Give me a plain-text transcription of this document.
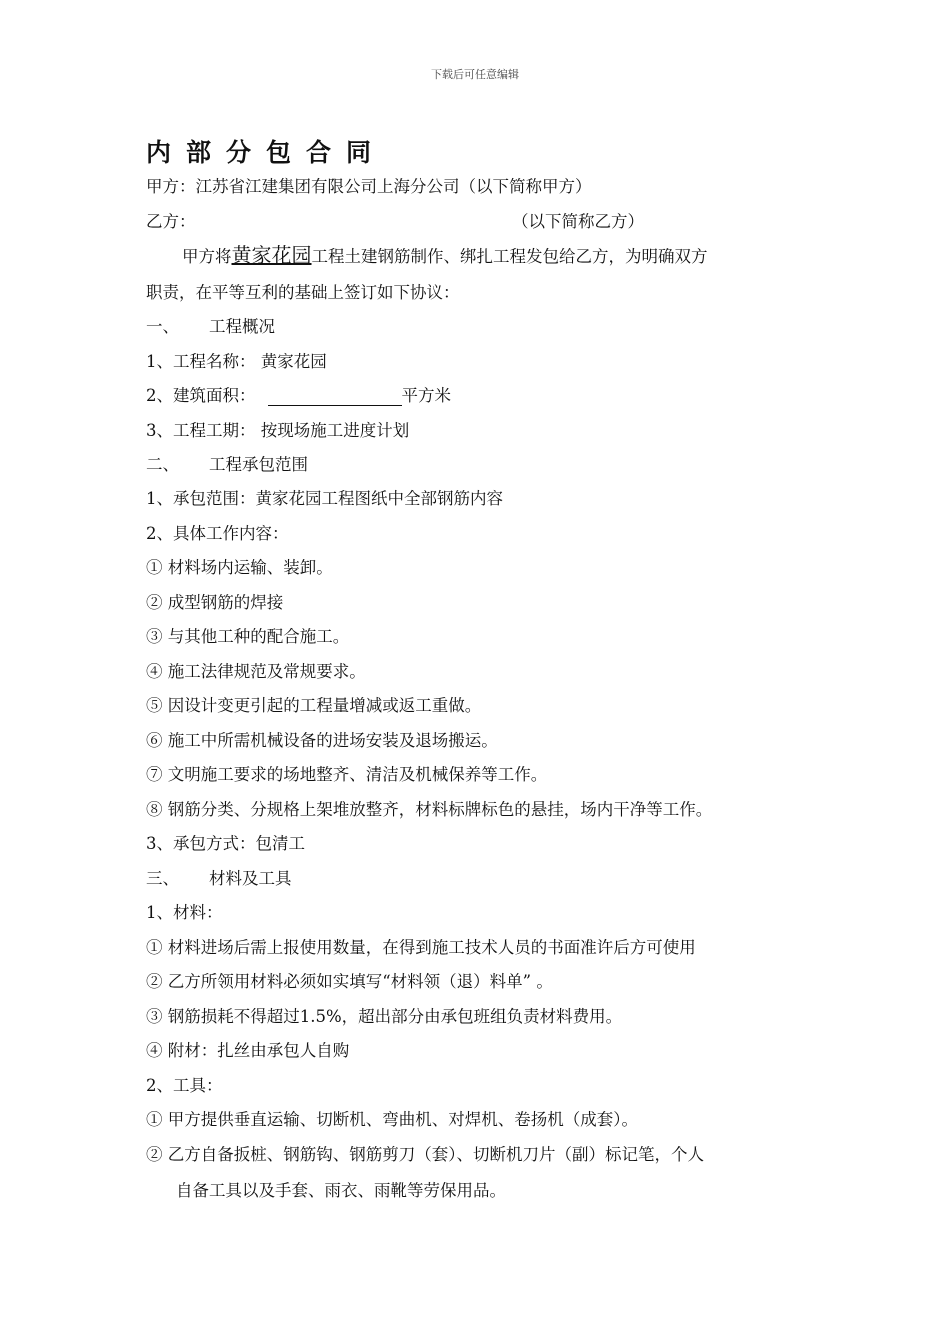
下载后可任意编辑
内部分包合同
甲方：江苏省江建集团有限公司上海分公司（以下简称甲方）
乙方：	（以下简称乙方）
甲方将黄家花园工程土建钢筋制作、绑扎工程发包给乙方，为明确双方
职责，在平等互利的基础上签订如下协议：
一、 工程概况
1、工程名称： 黄家花园
2、建筑面积：	平方米
3、工程工期： 按现场施工进度计划
二、 工程承包范围
1、承包范围：黄家花园工程图纸中全部钢筋内容
2、具体工作内容：
① 材料场内运输、装卸。
② 成型钢筋的焊接
③ 与其他工种的配合施工。
④ 施工法律规范及常规要求。
⑤ 因设计变更引起的工程量增减或返工重做。
⑥ 施工中所需机械设备的进场安装及退场搬运。
⑦ 文明施工要求的场地整齐、清洁及机械保养等工作。
⑧ 钢筋分类、分规格上架堆放整齐，材料标牌标色的悬挂，场内干净等工作。
3、承包方式：包清工
三、 材料及工具
1、材料：
① 材料进场后需上报使用数量，在得到施工技术人员的书面准许后方可使用
② 乙方所领用材料必须如实填写“材料领（退）料单” 。
③ 钢筋损耗不得超过1.5%，超出部分由承包班组负责材料费用。
④ 附材：扎丝由承包人自购
2、工具：
① 甲方提供垂直运输、切断机、弯曲机、对焊机、卷扬机（成套）。
② 乙方自备扳桩、钢筋钩、钢筋剪刀（套）、切断机刀片（副）标记笔，个人
自备工具以及手套、雨衣、雨靴等劳保用品。
